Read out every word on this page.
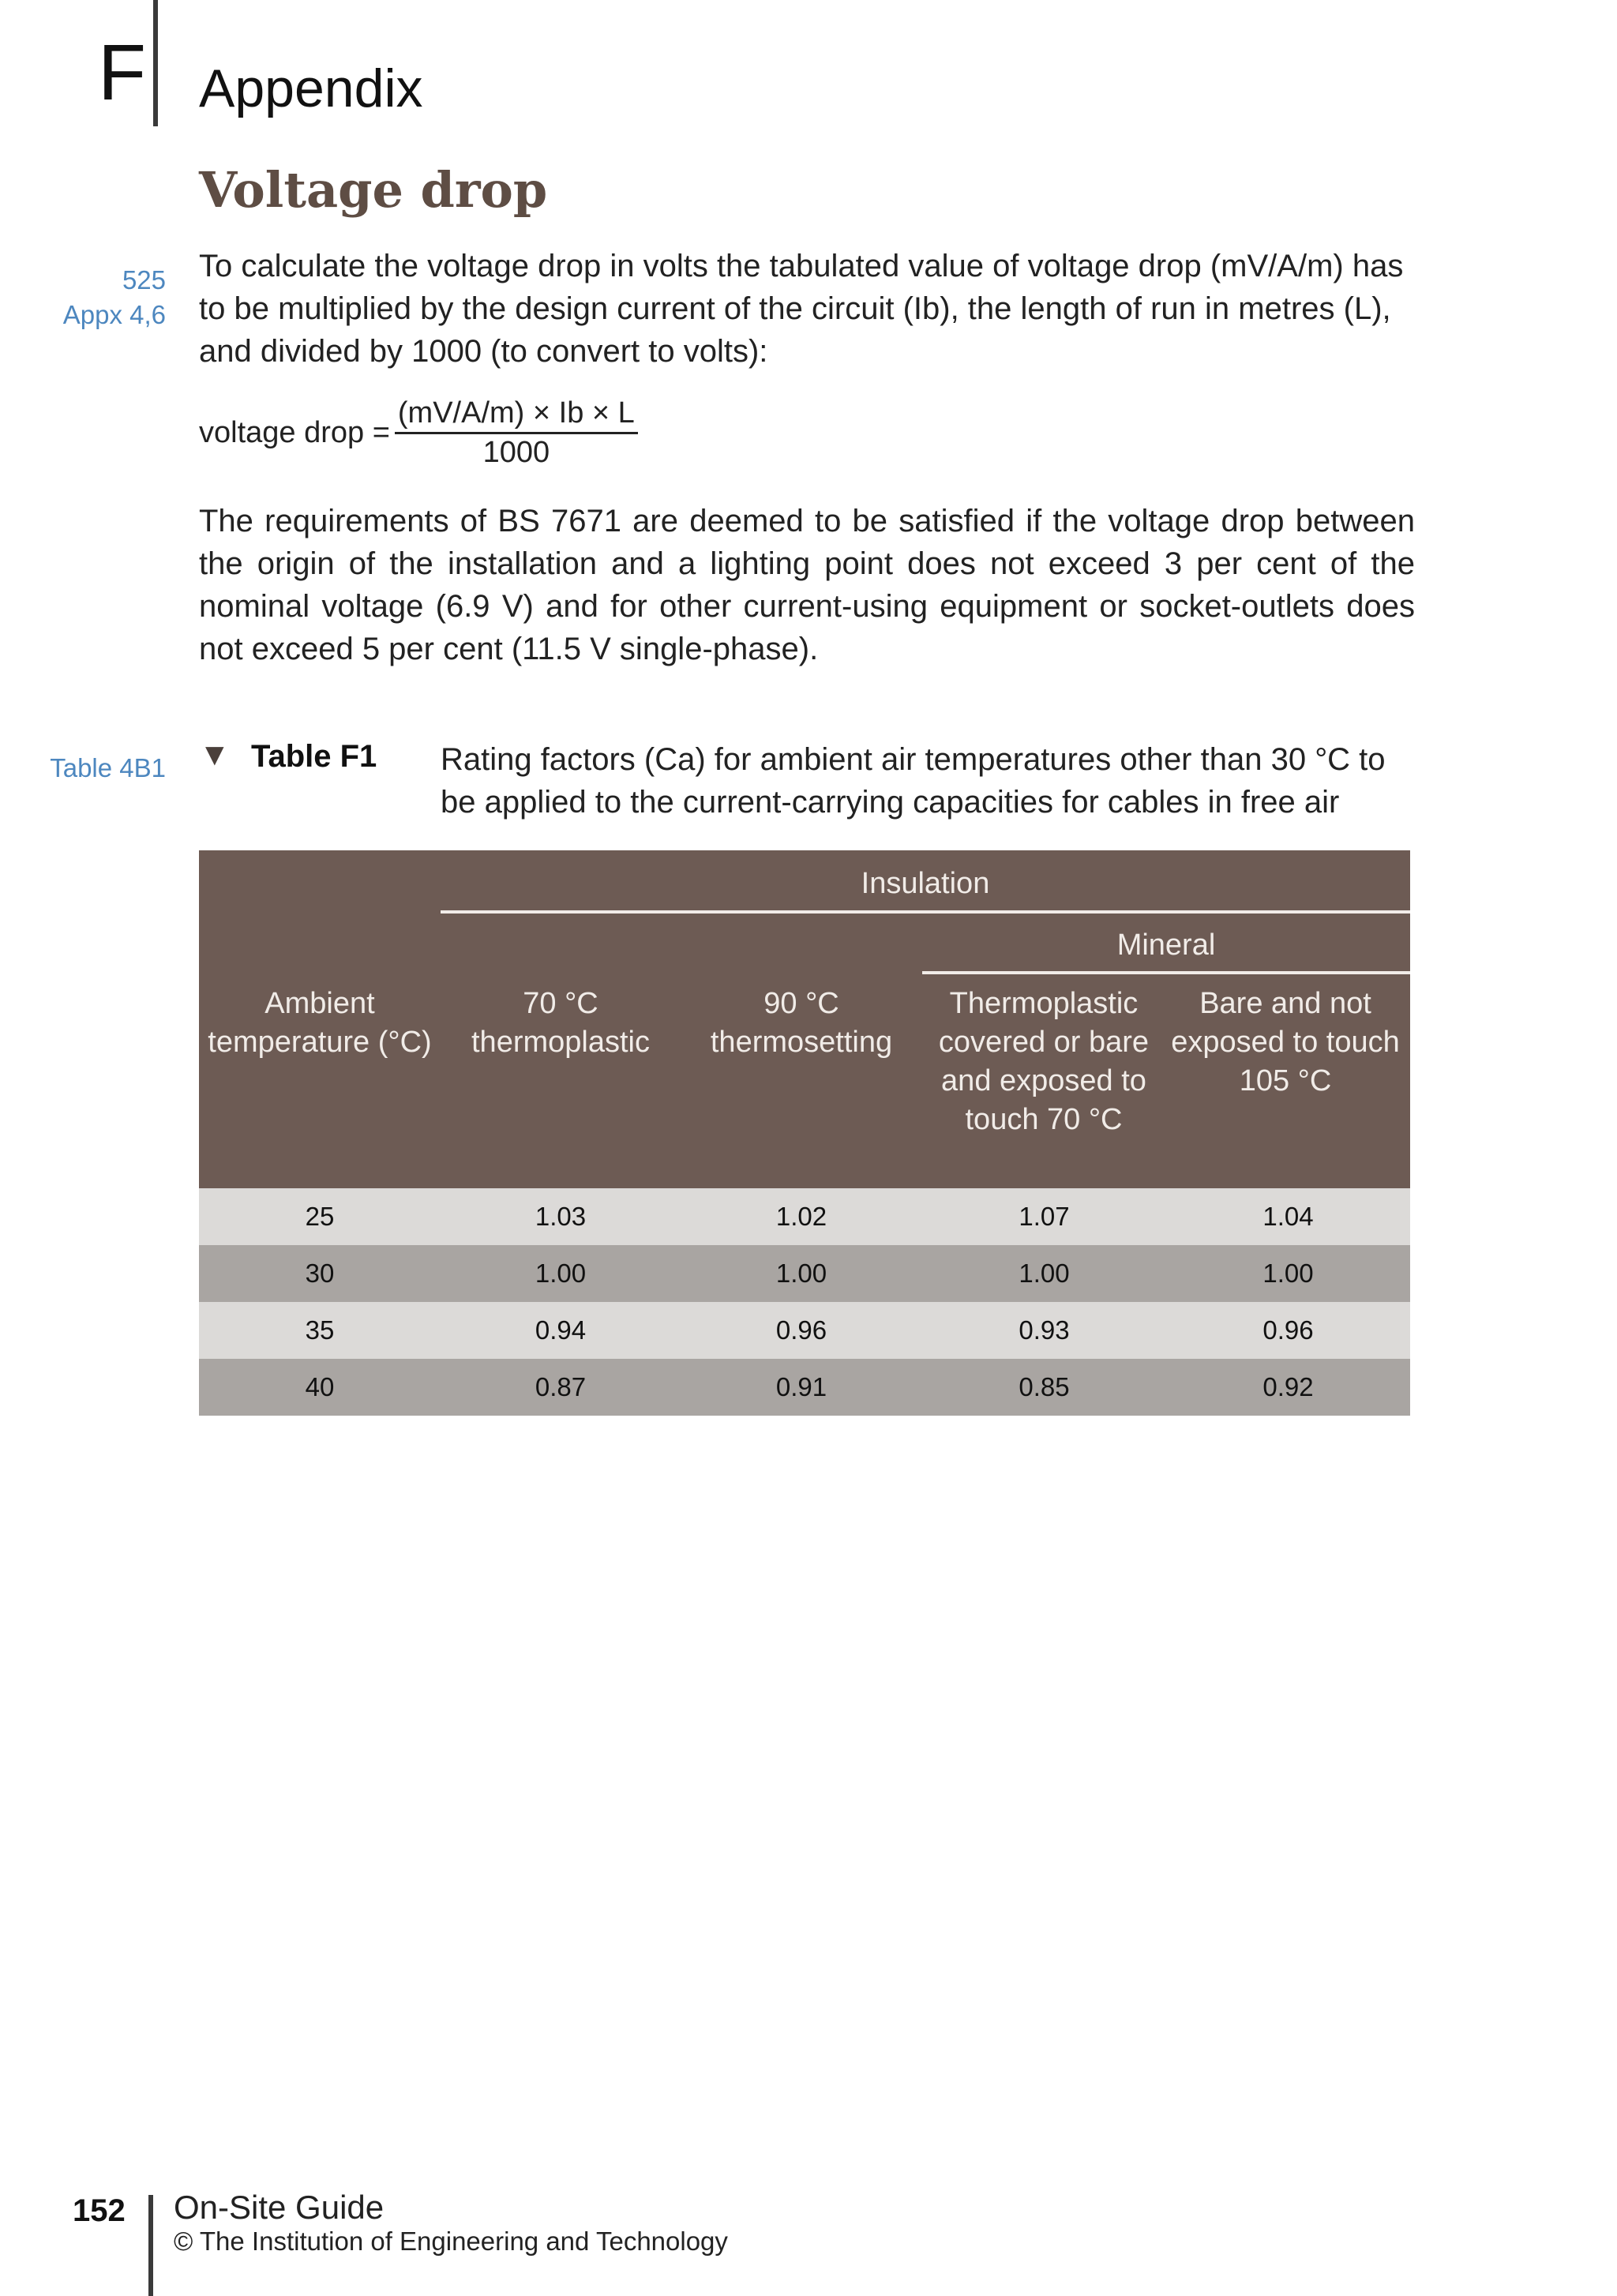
F Appendix
Voltage drop
525
Appx 4,6
To calculate the voltage drop in volts the tabulated value of voltage drop (mV/A/m) has to be multiplied by the design current of the circuit (Ib), the length of run in metres (L), and divided by 1000 (to convert to volts):
voltage drop = $\frac{(mV/A/m) \times Ib \times L}{1000}$
The requirements of BS 7671 are deemed to be satisfied if the voltage drop between the origin of the installation and a lighting point does not exceed 3 per cent of the nominal voltage (6.9 V) and for other current-using equipment or socket-outlets does not exceed 5 per cent (11.5 V single-phase).
Table 4B1 ▼ Table F1 Rating factors (Ca) for ambient air temperatures other than 30 °C to be applied to the current-carrying capacities for cables in free air
Insulation
Mineral
Ambient temperature (°C)
70 °C thermoplastic
90 °C thermosetting
Thermoplastic covered or bare and exposed to touch 70 °C
Bare and not exposed to touch 105 °C
25	1.03	1.02	1.07	1.04
30	1.00	1.00	1.00	1.00
35	0.94	0.96	0.93	0.96
40	0.87	0.91	0.85	0.92
152 On-Site Guide
© The Institution of Engineering and Technology
